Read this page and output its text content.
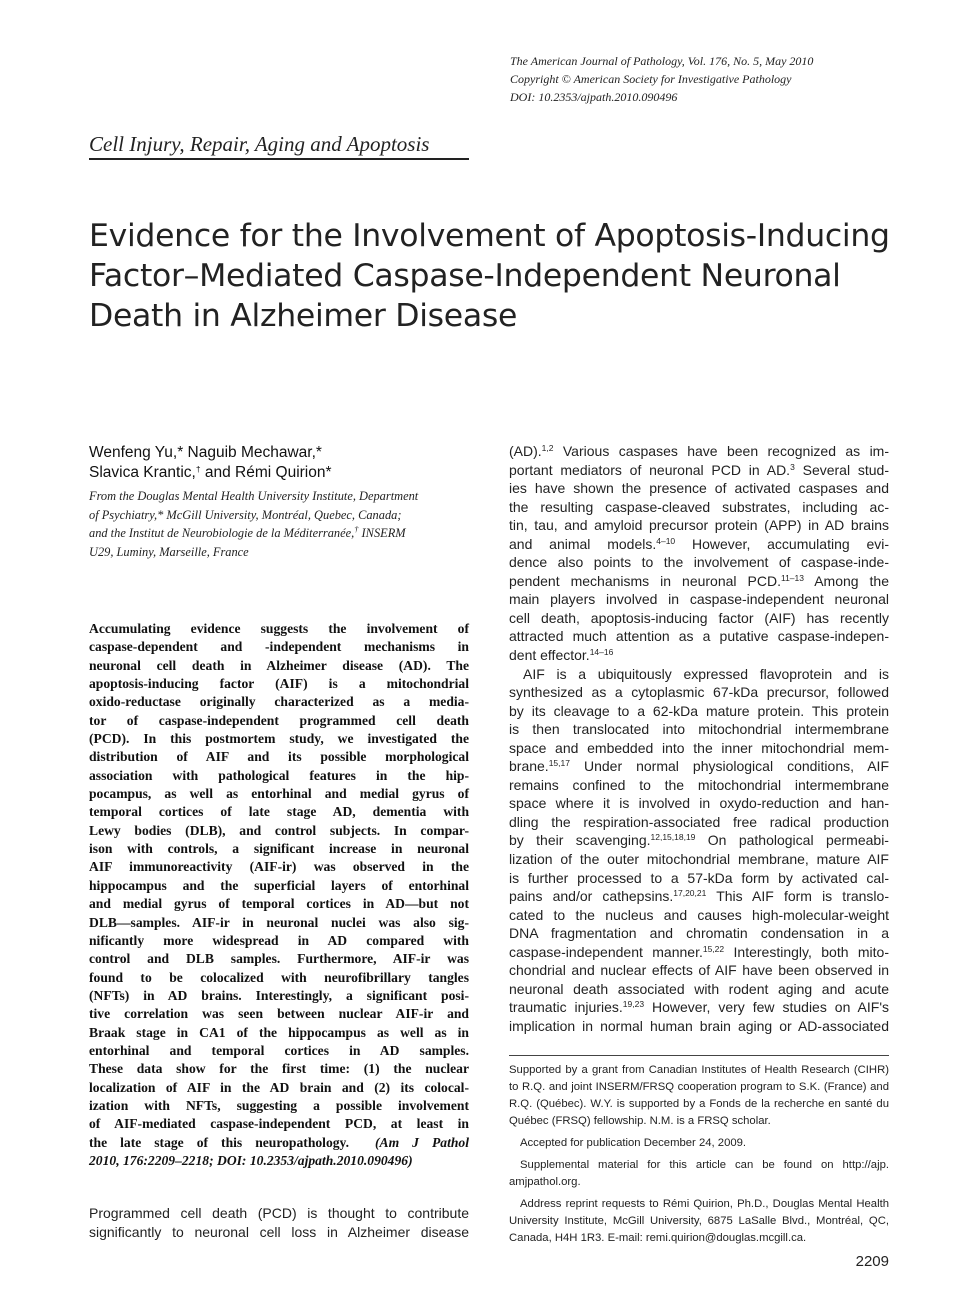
The American Journal of Pathology, Vol. 176, No. 5, May 2010
Copyright © American Society for Investigative Pathology
DOI: 10.2353/ajpath.2010.090496
Cell Injury, Repair, Aging and Apoptosis
Evidence for the Involvement of Apoptosis-Inducing
Factor–Mediated Caspase-Independent Neuronal
Death in Alzheimer Disease
Wenfeng Yu,* Naguib Mechawar,*
Slavica Krantic,† and Rémi Quirion*
From the Douglas Mental Health University Institute, Department
of Psychiatry,* McGill University, Montréal, Quebec, Canada;
and the Institut de Neurobiologie de la Méditerranée,† INSERM
U29, Luminy, Marseille, France
Accumulating evidence suggests the involvement of
caspase-dependent and -independent mechanisms in
neuronal cell death in Alzheimer disease (AD). The
apoptosis-inducing factor (AIF) is a mitochondrial
oxido-reductase originally characterized as a media-
tor of caspase-independent programmed cell death
(PCD). In this postmortem study, we investigated the
distribution of AIF and its possible morphological
association with pathological features in the hip-
pocampus, as well as entorhinal and medial gyrus of
temporal cortices of late stage AD, dementia with
Lewy bodies (DLB), and control subjects. In compar-
ison with controls, a significant increase in neuronal
AIF immunoreactivity (AIF-ir) was observed in the
hippocampus and the superficial layers of entorhinal
and medial gyrus of temporal cortices in AD—but not
DLB—samples. AIF-ir in neuronal nuclei was also sig-
nificantly more widespread in AD compared with
control and DLB samples. Furthermore, AIF-ir was
found to be colocalized with neurofibrillary tangles
(NFTs) in AD brains. Interestingly, a significant posi-
tive correlation was seen between nuclear AIF-ir and
Braak stage in CA1 of the hippocampus as well as in
entorhinal and temporal cortices in AD samples.
These data show for the first time: (1) the nuclear
localization of AIF in the AD brain and (2) its colocal-
ization with NFTs, suggesting a possible involvement
of AIF-mediated caspase-independent PCD, at least in
the late stage of this neuropathology. (Am J Pathol
2010, 176:2209–2218; DOI: 10.2353/ajpath.2010.090496)
Programmed cell death (PCD) is thought to contribute
significantly to neuronal cell loss in Alzheimer disease
(AD).$^{1,2}$ Various caspases have been recognized as im-
portant mediators of neuronal PCD in AD.$^3$ Several stud-
ies have shown the presence of activated caspases and
the resulting caspase-cleaved substrates, including ac-
tin, tau, and amyloid precursor protein (APP) in AD brains
and animal models.$^{4-10}$ However, accumulating evi-
dence also points to the involvement of caspase-inde-
pendent mechanisms in neuronal PCD.$^{11-13}$ Among the
main players involved in caspase-independent neuronal
cell death, apoptosis-inducing factor (AIF) has recently
attracted much attention as a putative caspase-indepen-
dent effector.$^{14-16}$
AIF is a ubiquitously expressed flavoprotein and is
synthesized as a cytoplasmic 67-kDa precursor, followed
by its cleavage to a 62-kDa mature protein. This protein
is then translocated into mitochondrial intermembrane
space and embedded into the inner mitochondrial mem-
brane.$^{15,17}$ Under normal physiological conditions, AIF
remains confined to the mitochondrial intermembrane
space where it is involved in oxydo-reduction and han-
dling the respiration-associated free radical production
by their scavenging.$^{12,15,18,19}$ On pathological permeabi-
lization of the outer mitochondrial membrane, mature AIF
is further processed to a 57-kDa form by activated cal-
pains and/or cathepsins.$^{17,20,21}$ This AIF form is translo-
cated to the nucleus and causes high-molecular-weight
DNA fragmentation and chromatin condensation in a
caspase-independent manner.$^{15,22}$ Interestingly, both mito-
chondrial and nuclear effects of AIF have been observed in
neuronal death associated with rodent aging and acute
traumatic injuries.$^{19,23}$ However, very few studies on AIF's
implication in normal human brain aging or AD-associated
Supported by a grant from Canadian Institutes of Health Research (CIHR)
to R.Q. and joint INSERM/FRSQ cooperation program to S.K. (France) and
R.Q. (Québec). W.Y. is supported by a Fonds de la recherche en santé du
Québec (FRSQ) fellowship. N.M. is a FRSQ scholar.
Accepted for publication December 24, 2009.
Supplemental material for this article can be found on http://ajp.
amjpathol.org.
Address reprint requests to Rémi Quirion, Ph.D., Douglas Mental Health
University Institute, McGill University, 6875 LaSalle Blvd., Montréal, QC,
Canada, H4H 1R3. E-mail: remi.quirion@douglas.mcgill.ca.
2209
